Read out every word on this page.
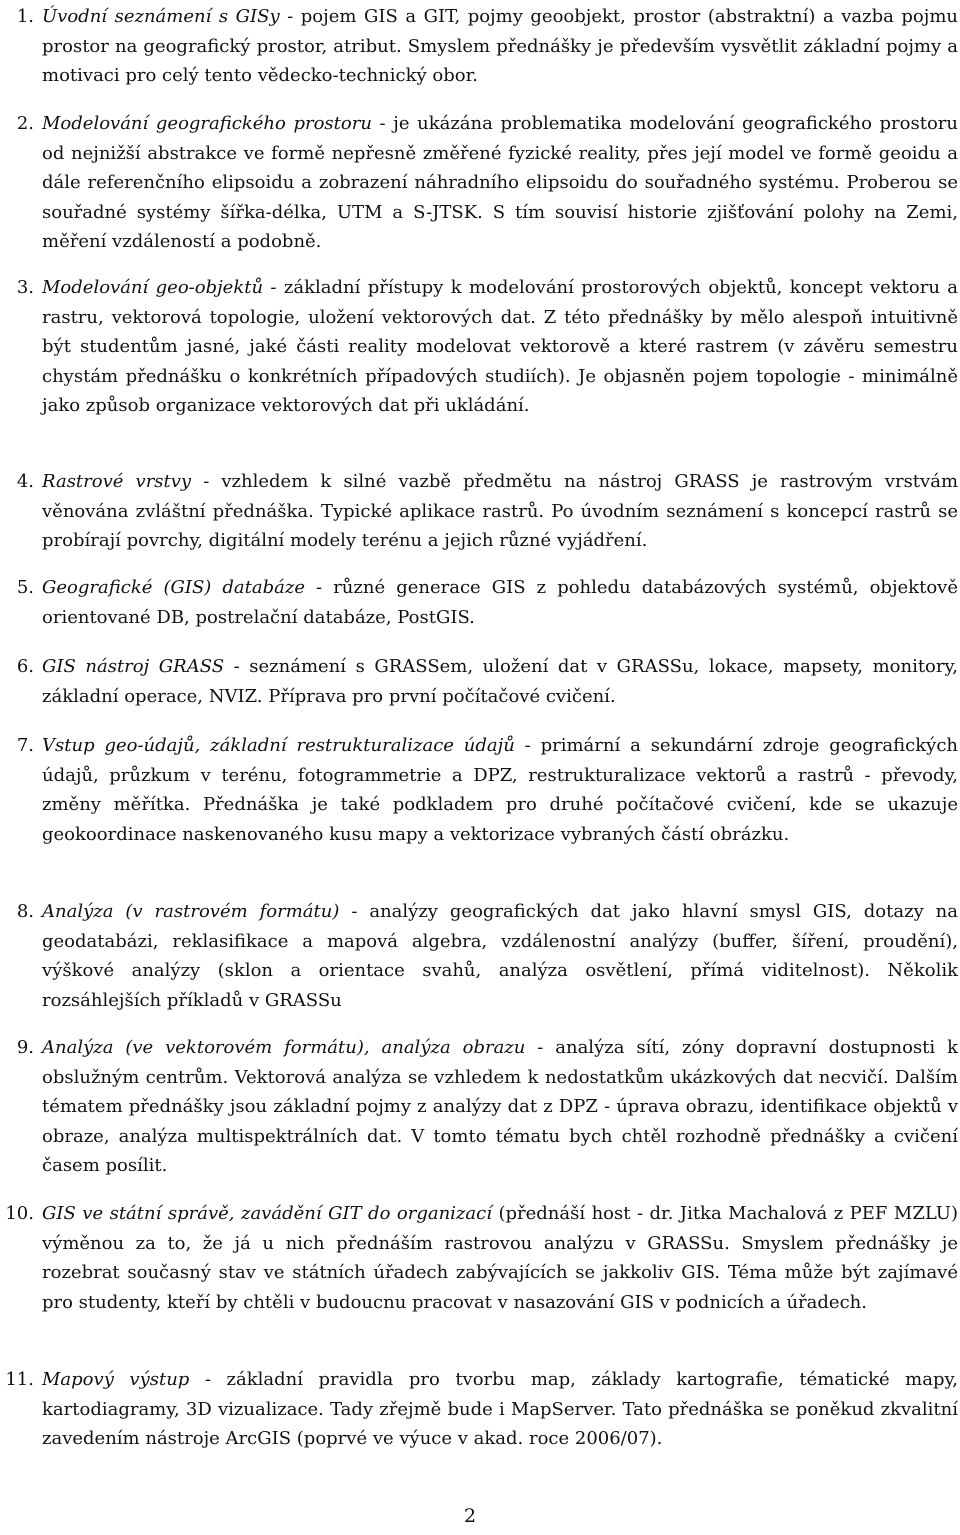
1. Úvodní seznámení s GISy - pojem GIS a GIT, pojmy geoobjekt, prostor (abstraktní) a vazba pojmu prostor na geografický prostor, atribut. Smyslem přednášky je především vysvětlit základní pojmy a motivaci pro celý tento vědecko-technický obor.
2. Modelování geografického prostoru - je ukázána problematika modelování geografického prostoru od nejnižší abstrakce ve formě nepřesně změřené fyzické reality, přes její model ve formě geoidu a dále referenčního elipsoidu a zobrazení náhradního elipsoidu do souřadného systému. Proberou se souřadné systémy šířka-délka, UTM a S-JTSK. S tím souvisí historie zjišťování polohy na Zemi, měření vzdáleností a podobně.
3. Modelování geo-objektů - základní přístupy k modelování prostorových objektů, koncept vektoru a rastru, vektorová topologie, uložení vektorových dat. Z této přednášky by mělo alespoň intuitivně být studentům jasné, jaké části reality modelovat vektorově a které rastrem (v závěru semestru chystám přednášku o konkrétních případových studiích). Je objasněn pojem topologie - minimálně jako způsob organizace vektorových dat při ukládání.
4. Rastrové vrstvy - vzhledem k silné vazbě předmětu na nástroj GRASS je rastrovým vrstvám věnována zvláštní přednáška. Typické aplikace rastrů. Po úvodním seznámení s koncepcí rastrů se probírají povrchy, digitální modely terénu a jejich různé vyjádření.
5. Geografické (GIS) databáze - různé generace GIS z pohledu databázových systémů, objektově orientované DB, postrelační databáze, PostGIS.
6. GIS nástroj GRASS - seznámení s GRASSem, uložení dat v GRASSu, lokace, mapsety, monitory, základní operace, NVIZ. Příprava pro první počítačové cvičení.
7. Vstup geo-údajů, základní restrukturalizace údajů - primární a sekundární zdroje geografických údajů, průzkum v terénu, fotogrammetrie a DPZ, restrukturalizace vektorů a rastrů - převody, změny měřítka. Přednáška je také podkladem pro druhé počítačové cvičení, kde se ukazuje geokoordinace naskenovaného kusu mapy a vektorizace vybraných částí obrázku.
8. Analýza (v rastrovém formátu) - analýzy geografických dat jako hlavní smysl GIS, dotazy na geodatabázi, reklasifikace a mapová algebra, vzdálenostní analýzy (buffer, šíření, proudění), výškové analýzy (sklon a orientace svahů, analýza osvětlení, přímá viditelnost). Několik rozsáhlejších příkladů v GRASSu
9. Analýza (ve vektorovém formátu), analýza obrazu - analýza sítí, zóny dopravní dostupnosti k obslužným centrům. Vektorová analýza se vzhledem k nedostatkům ukázkových dat necvičí. Dalším tématem přednášky jsou základní pojmy z analýzy dat z DPZ - úprava obrazu, identifikace objektů v obraze, analýza multispektrálních dat. V tomto tématu bych chtěl rozhodně přednášky a cvičení časem posílit.
10. GIS ve státní správě, zavádění GIT do organizací (přednáší host - dr. Jitka Machalová z PEF MZLU) výměnou za to, že já u nich přednáším rastrovou analýzu v GRASSu. Smyslem přednášky je rozebrat současný stav ve státních úřadech zabývajících se jakkoliv GIS. Téma může být zajímavé pro studenty, kteří by chtěli v budoucnu pracovat v nasazování GIS v podnicích a úřadech.
11. Mapový výstup - základní pravidla pro tvorbu map, základy kartografie, tématické mapy, kartodiagramy, 3D vizualizace. Tady zřejmě bude i MapServer. Tato přednáška se poněkud zkvalitní zavedením nástroje ArcGIS (poprvé ve výuce v akad. roce 2006/07).
2
